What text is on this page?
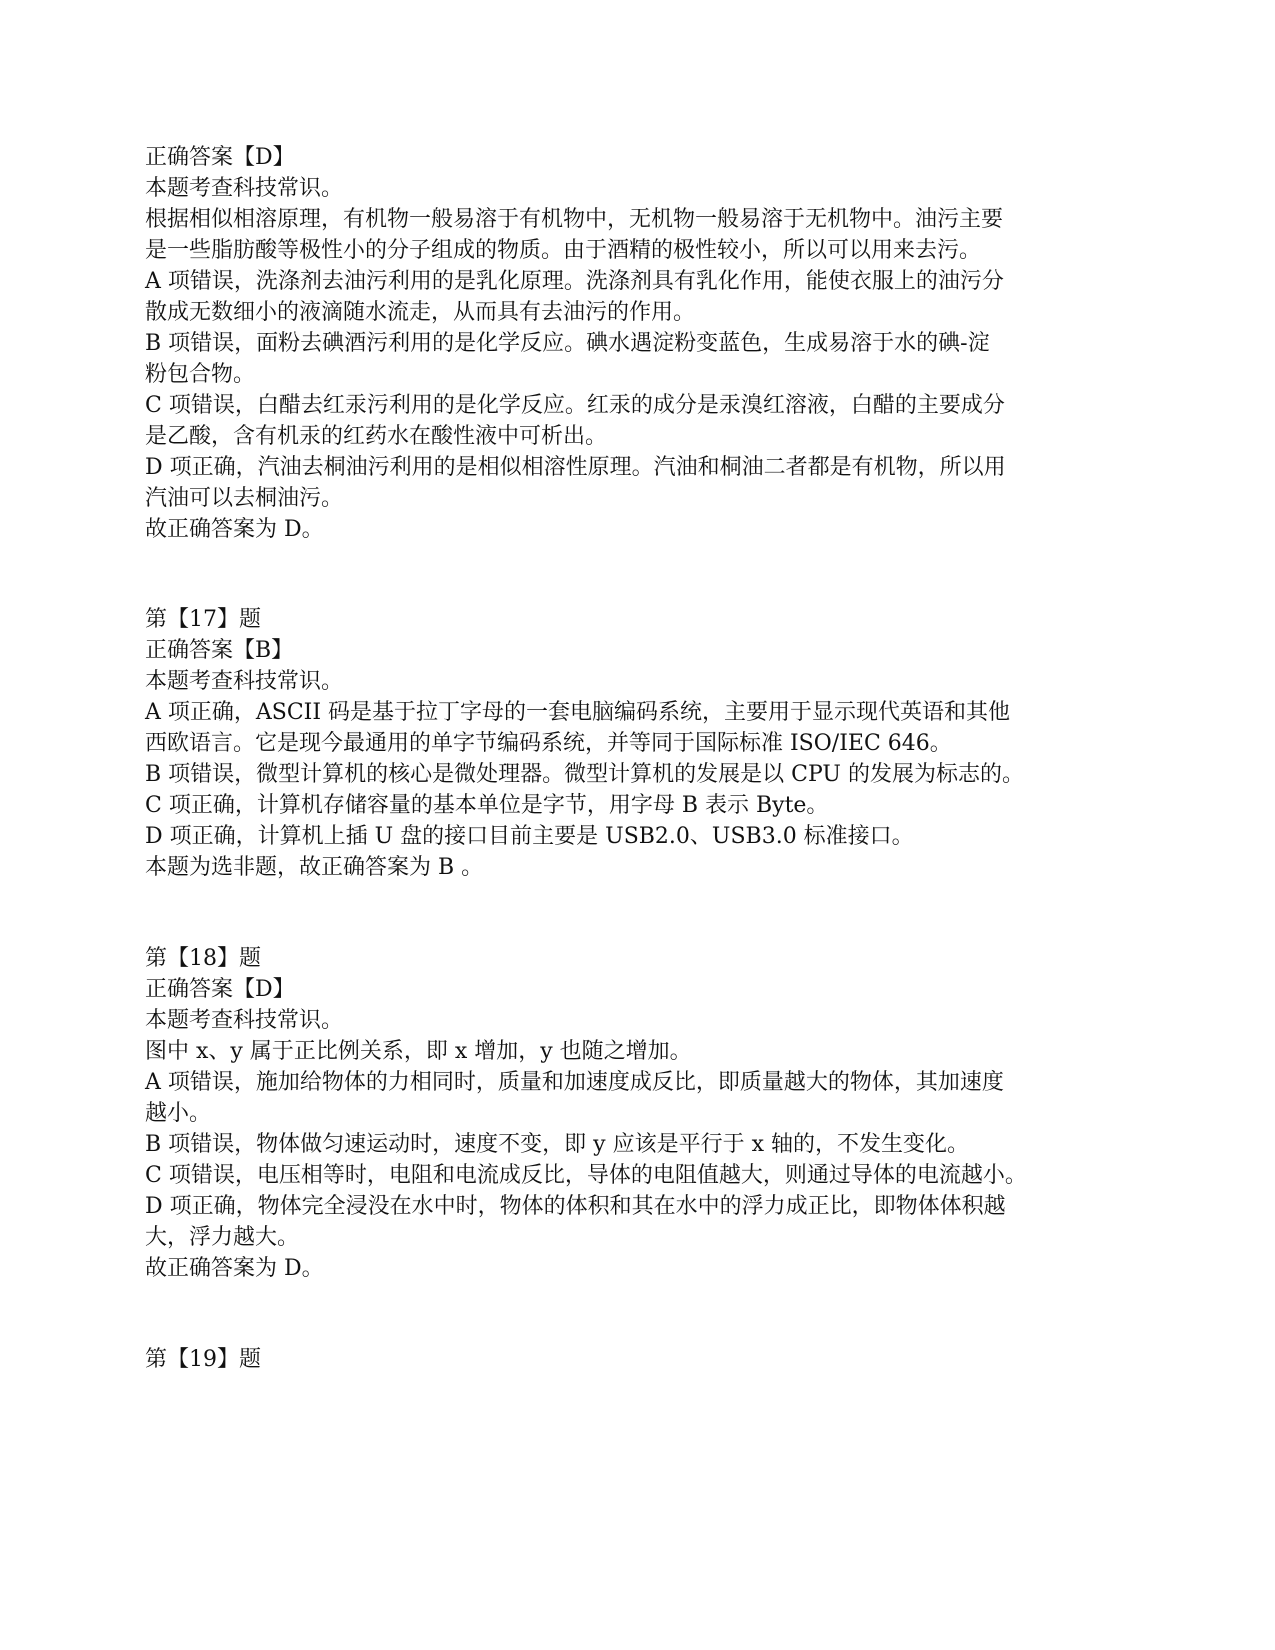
正确答案【D】
本题考查科技常识。
根据相似相溶原理，有机物一般易溶于有机物中，无机物一般易溶于无机物中。油污主要
是一些脂肪酸等极性小的分子组成的物质。由于酒精的极性较小，所以可以用来去污。
A 项错误，洗涤剂去油污利用的是乳化原理。洗涤剂具有乳化作用，能使衣服上的油污分
散成无数细小的液滴随水流走，从而具有去油污的作用。
B 项错误，面粉去碘酒污利用的是化学反应。碘水遇淀粉变蓝色，生成易溶于水的碘-淀
粉包合物。
C 项错误，白醋去红汞污利用的是化学反应。红汞的成分是汞溴红溶液，白醋的主要成分
是乙酸，含有机汞的红药水在酸性液中可析出。
D 项正确，汽油去桐油污利用的是相似相溶性原理。汽油和桐油二者都是有机物，所以用
汽油可以去桐油污。
故正确答案为 D。
第【17】题
正确答案【B】
本题考查科技常识。
A 项正确，ASCII 码是基于拉丁字母的一套电脑编码系统，主要用于显示现代英语和其他
西欧语言。它是现今最通用的单字节编码系统，并等同于国际标准 ISO/IEC 646。
B 项错误，微型计算机的核心是微处理器。微型计算机的发展是以 CPU 的发展为标志的。
C 项正确，计算机存储容量的基本单位是字节，用字母 B 表示 Byte。
D 项正确，计算机上插 U 盘的接口目前主要是 USB2.0、USB3.0 标准接口。
本题为选非题，故正确答案为 B 。
第【18】题
正确答案【D】
本题考查科技常识。
图中 x、y 属于正比例关系，即 x 增加，y 也随之增加。
A 项错误，施加给物体的力相同时，质量和加速度成反比，即质量越大的物体，其加速度
越小。
B 项错误，物体做匀速运动时，速度不变，即 y 应该是平行于 x 轴的，不发生变化。
C 项错误，电压相等时，电阻和电流成反比，导体的电阻值越大，则通过导体的电流越小。
D 项正确，物体完全浸没在水中时，物体的体积和其在水中的浮力成正比，即物体体积越
大，浮力越大。
故正确答案为 D。
第【19】题
